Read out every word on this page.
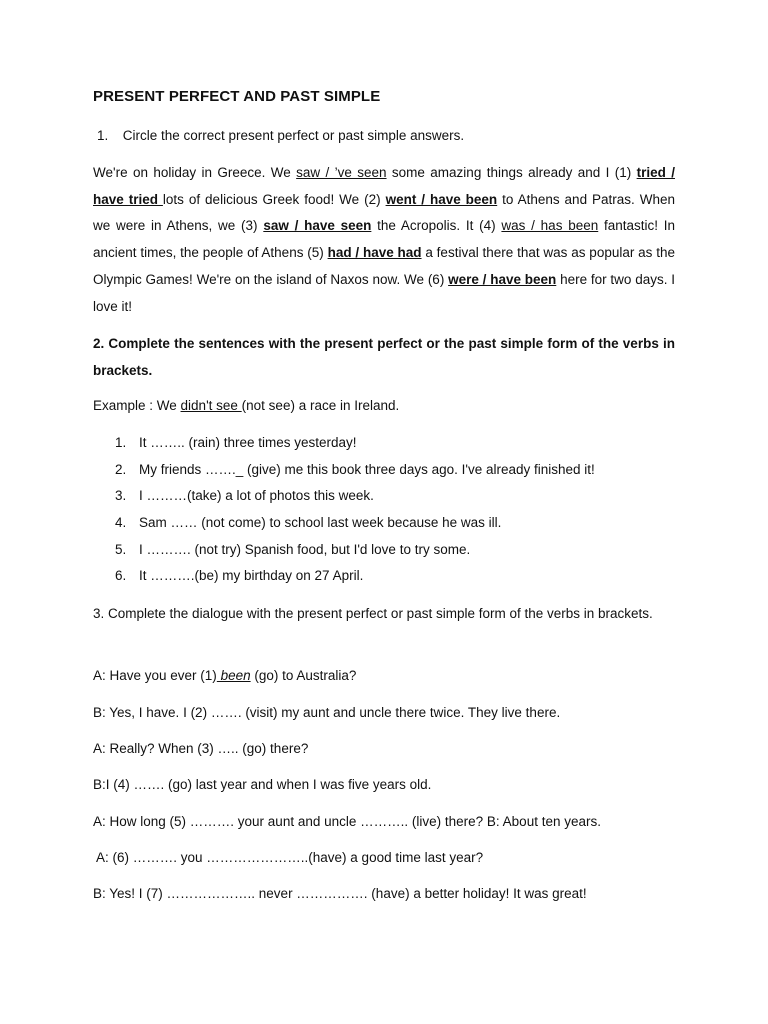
PRESENT PERFECT AND PAST SIMPLE
1. Circle the correct present perfect or past simple answers.

We're on holiday in Greece. We saw / ’ve seen some amazing things already and I (1) tried / have tried lots of delicious Greek food! We (2) went / have been to Athens and Patras. When we were in Athens, we (3) saw / have seen the Acropolis. It (4) was / has been fantastic! In ancient times, the people of Athens (5) had / have had a festival there that was as popular as the Olympic Games! We're on the island of Naxos now. We (6) were / have been here for two days. I love it!

2. Complete the sentences with the present perfect or the past simple form of the verbs in brackets.

Example : We didn't see (not see) a race in Ireland.
1. It …….. (rain) three times yesterday!
2. My friends ……._ (give) me this book three days ago. I've already finished it!
3. I ………(take) a lot of photos this week.
4. Sam …… (not come) to school last week because he was ill.
5. I ………. (not try) Spanish food, but I'd love to try some.
6. It ……….(be) my birthday on 27 April.

3. Complete the dialogue with the present perfect or past simple form of the verbs in brackets.

A: Have you ever (1) been (go) to Australia?
B: Yes, I have. I (2) ……. (visit) my aunt and uncle there twice. They live there.
A: Really? When (3) ….. (go) there?
B:I (4) ……. (go) last year and when I was five years old.
A: How long (5) ………. your aunt and uncle ……….. (live) there? B: About ten years.
A: (6) ………. you …………………..(have) a good time last year?
B: Yes! I (7) ……………….. never ……………. (have) a better holiday! It was great!
